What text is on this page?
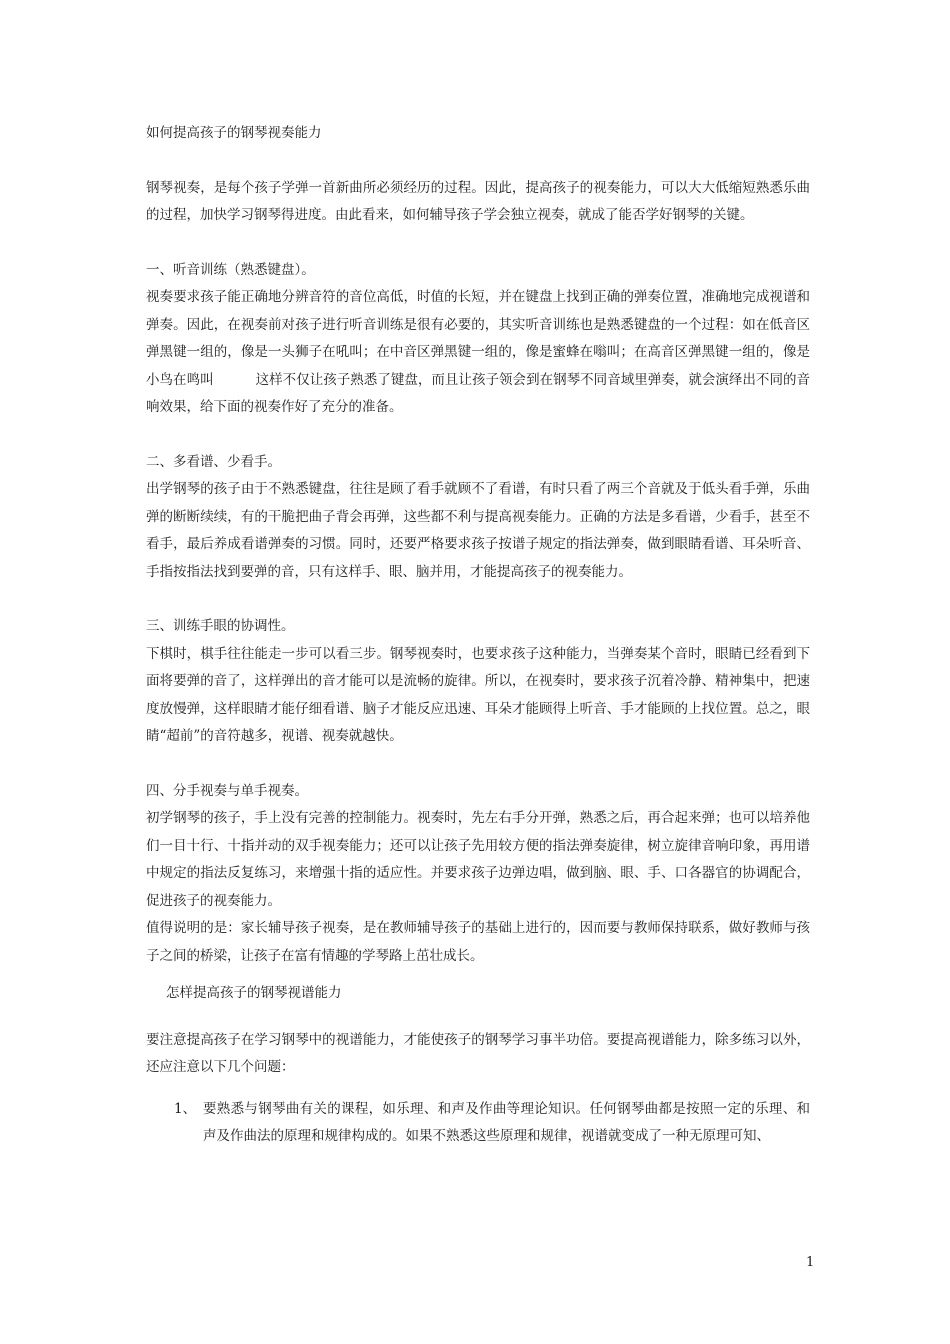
如何提高孩子的钢琴视奏能力

钢琴视奏，是每个孩子学弹一首新曲所必须经历的过程。因此，提高孩子的视奏能力，可以大大低缩短熟悉乐曲的过程，加快学习钢琴得进度。由此看来，如何辅导孩子学会独立视奏，就成了能否学好钢琴的关键。

一、听音训练（熟悉键盘）。

视奏要求孩子能正确地分辨音符的音位高低，时值的长短，并在键盘上找到正确的弹奏位置，准确地完成视谱和弹奏。因此，在视奏前对孩子进行听音训练是很有必要的，其实听音训练也是熟悉键盘的一个过程：如在低音区弹黑键一组的，像是一头狮子在吼叫；在中音区弹黑键一组的，像是蜜蜂在嗡叫；在高音区弹黑键一组的，像是小鸟在鸣叫	这样不仅让孩子熟悉了键盘，而且让孩子领会到在钢琴不同音域里弹奏，就会演绎出不同的音响效果，给下面的视奏作好了充分的准备。

二、多看谱、少看手。

出学钢琴的孩子由于不熟悉键盘，往往是顾了看手就顾不了看谱，有时只看了两三个音就及于低头看手弹，乐曲弹的断断续续，有的干脆把曲子背会再弹，这些都不利与提高视奏能力。正确的方法是多看谱，少看手，甚至不看手，最后养成看谱弹奏的习惯。同时，还要严格要求孩子按谱子规定的指法弹奏，做到眼睛看谱、耳朵听音、手指按指法找到要弹的音，只有这样手、眼、脑并用，才能提高孩子的视奏能力。

三、训练手眼的协调性。

下棋时，棋手往往能走一步可以看三步。钢琴视奏时，也要求孩子这种能力，当弹奏某个音时，眼睛已经看到下面将要弹的音了，这样弹出的音才能可以是流畅的旋律。所以，在视奏时，要求孩子沉着冷静、精神集中，把速度放慢弹，这样眼睛才能仔细看谱、脑子才能反应迅速、耳朵才能顾得上听音、手才能顾的上找位置。总之，眼睛“超前”的音符越多，视谱、视奏就越快。

四、分手视奏与单手视奏。

初学钢琴的孩子，手上没有完善的控制能力。视奏时，先左右手分开弹，熟悉之后，再合起来弹；也可以培养他们一目十行、十指并动的双手视奏能力；还可以让孩子先用较方便的指法弹奏旋律，树立旋律音响印象，再用谱中规定的指法反复练习，来增强十指的适应性。并要求孩子边弹边唱，做到脑、眼、手、口各器官的协调配合，促进孩子的视奏能力。

值得说明的是：家长辅导孩子视奏，是在教师辅导孩子的基础上进行的，因而要与教师保持联系，做好教师与孩子之间的桥梁，让孩子在富有情趣的学琴路上茁壮成长。

怎样提高孩子的钢琴视谱能力

要注意提高孩子在学习钢琴中的视谱能力，才能使孩子的钢琴学习事半功倍。要提高视谱能力，除多练习以外，还应注意以下几个问题：

1、 要熟悉与钢琴曲有关的课程，如乐理、和声及作曲等理论知识。任何钢琴曲都是按照一定的乐理、和声及作曲法的原理和规律构成的。如果不熟悉这些原理和规律，视谱就变成了一种无原理可知、

1
